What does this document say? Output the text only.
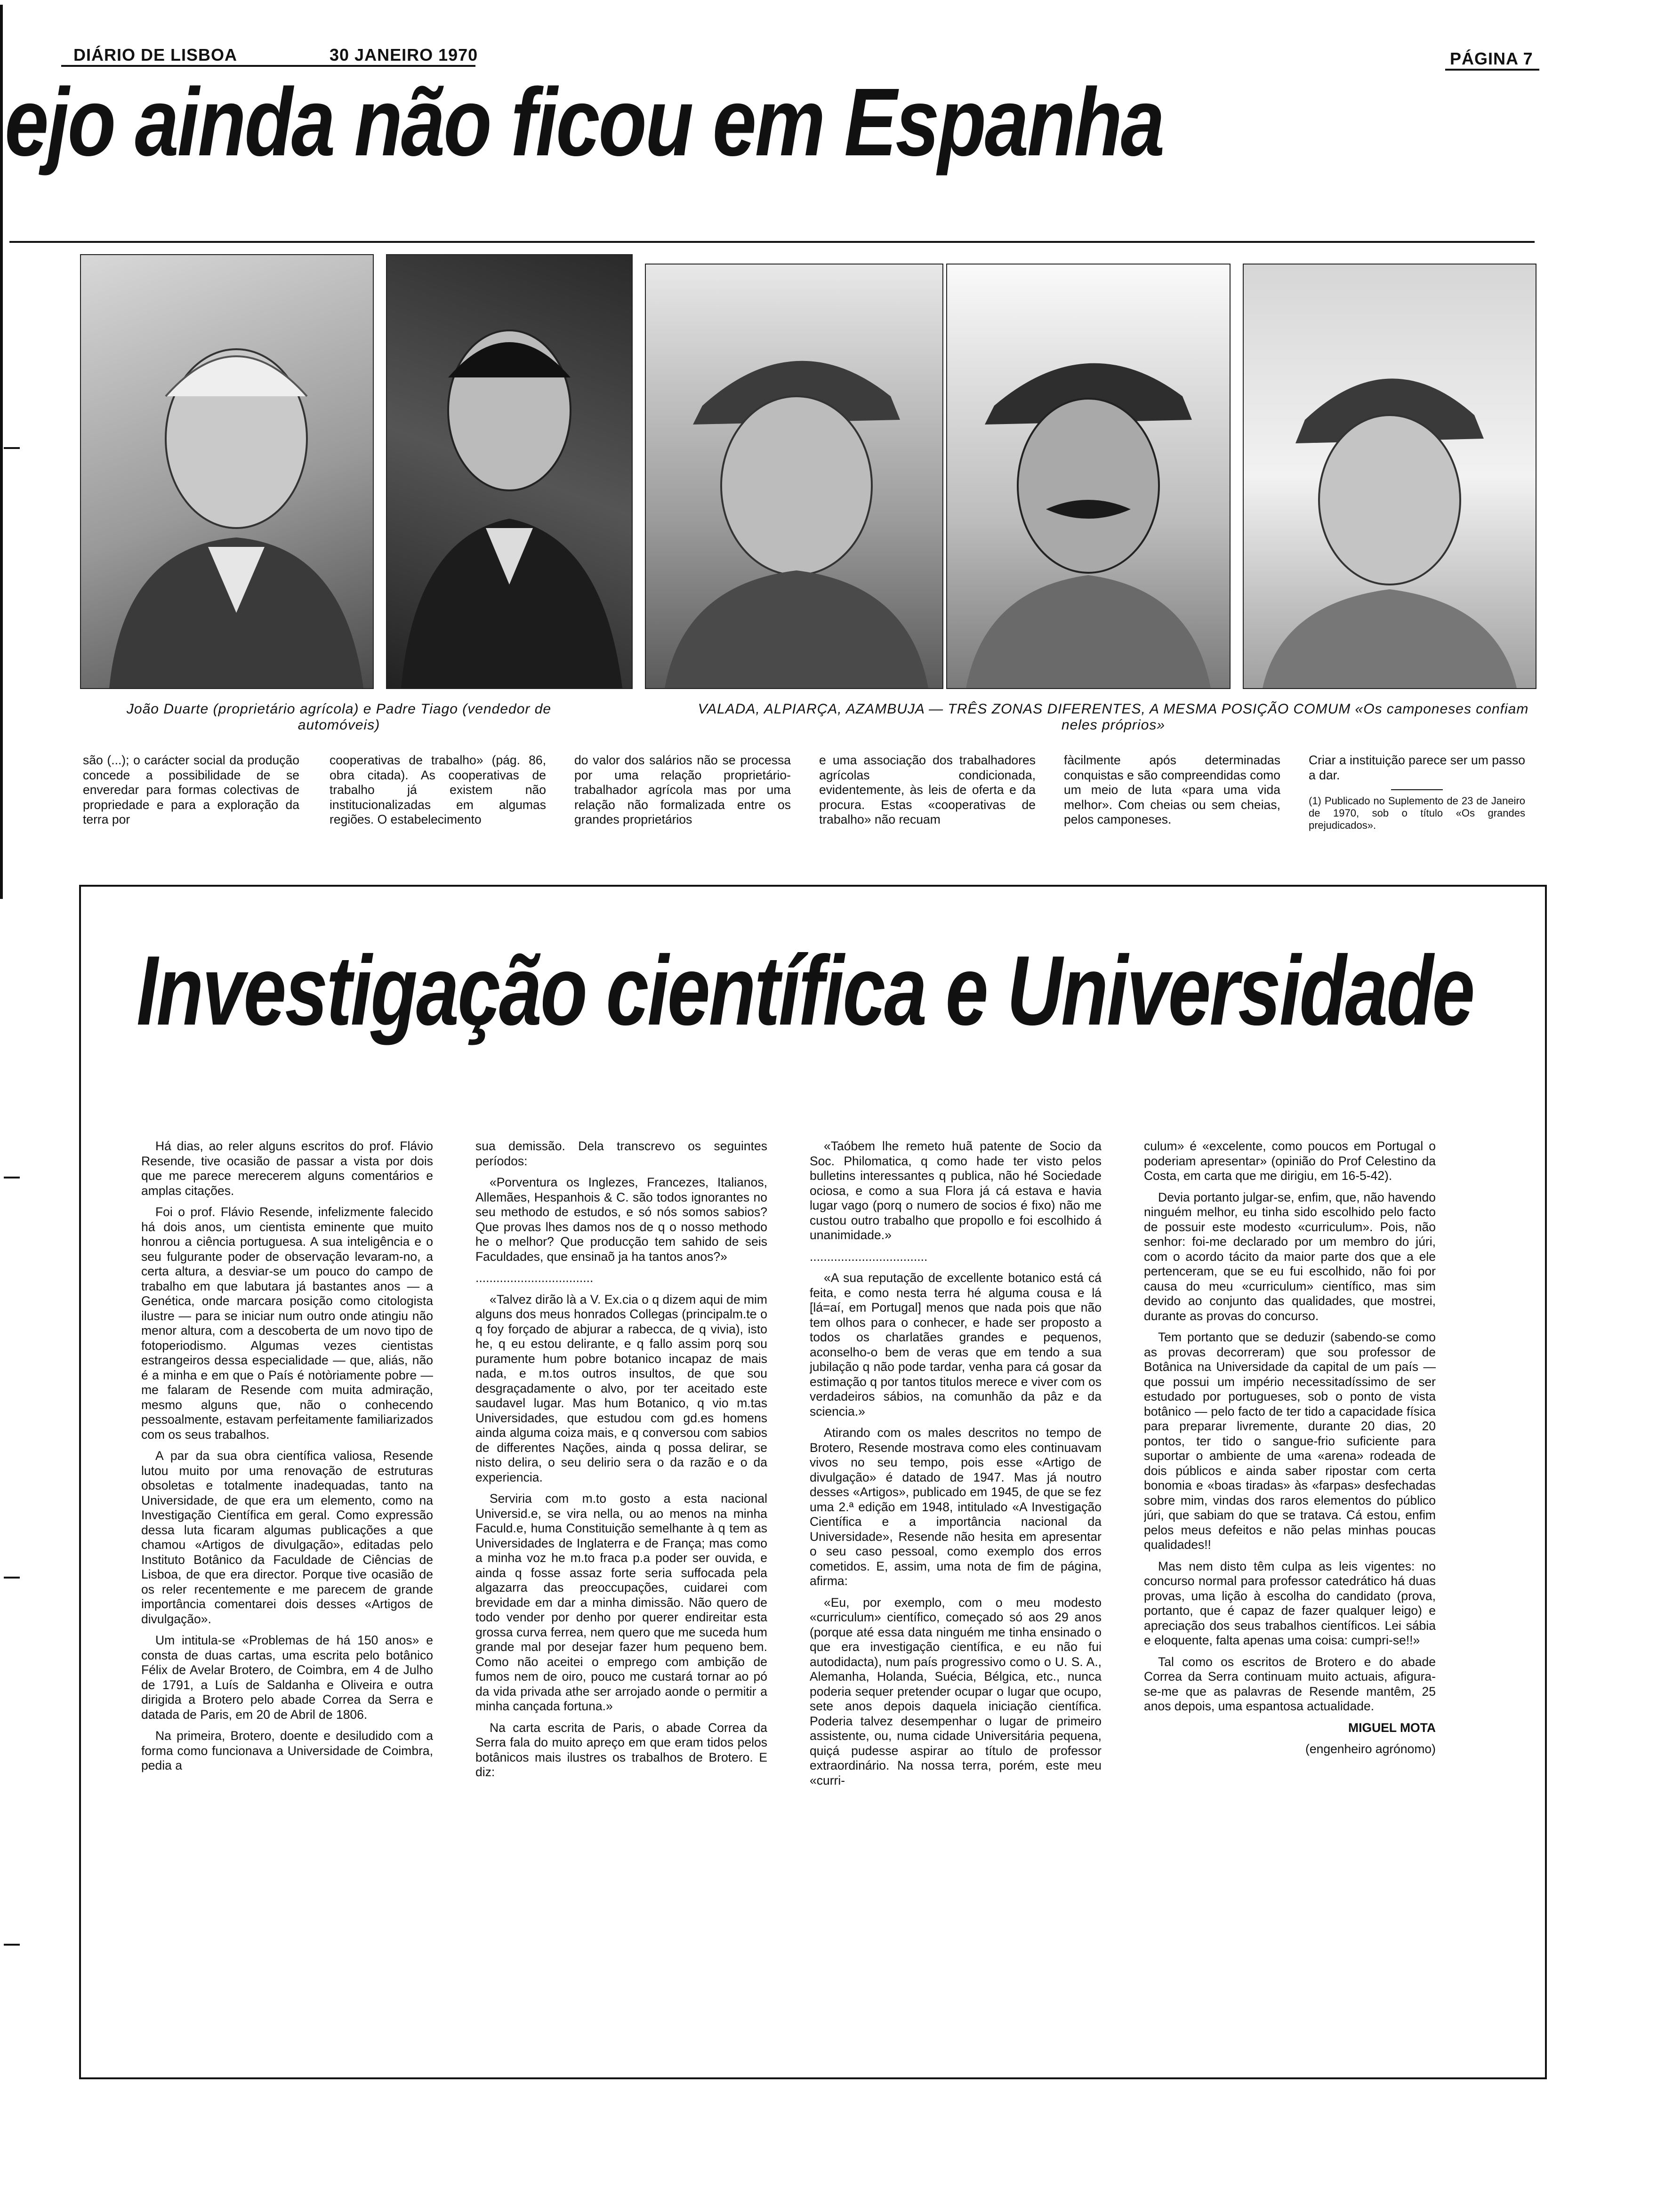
DIÁRIO DE LISBOA	30 JANEIRO 1970	PÁGINA 7
ejo ainda não ficou em Espanha
João Duarte (proprietário agrícola) e Padre Tiago (vendedor de automóveis)
VALADA, ALPIARÇA, AZAMBUJA — TRÊS ZONAS DIFERENTES, A MESMA POSIÇÃO COMUM «Os camponeses confiam neles próprios»

são (...); o carácter social da produção concede a possibilidade de se enveredar para formas colectivas de propriedade e para a exploração da terra por

cooperativas de trabalho» (pág. 86, obra citada). As cooperativas de trabalho já existem não institucionalizadas em algumas regiões. O estabelecimento

do valor dos salários não se processa por uma relação proprietário-trabalhador agrícola mas por uma relação não formalizada entre os grandes proprietários

e uma associação dos trabalhadores agrícolas condicionada, evidentemente, às leis de oferta e da procura. Estas «cooperativas de trabalho» não recuam

fàcilmente após determinadas conquistas e são compreendidas como um meio de luta «para uma vida melhor». Com cheias ou sem cheias, pelos camponeses.

Criar a instituição parece ser um passo a dar.

(1) Publicado no Suplemento de 23 de Janeiro de 1970, sob o título «Os grandes prejudicados».

Investigação científica e Universidade

Há dias, ao reler alguns escritos do prof. Flávio Resende, tive ocasião de passar a vista por dois que me parece merecerem alguns comentários e amplas citações.

Foi o prof. Flávio Resende, infelizmente falecido há dois anos, um cientista eminente que muito honrou a ciência portuguesa. A sua inteligência e o seu fulgurante poder de observação levaram-no, a certa altura, a desviar-se um pouco do campo de trabalho em que labutara já bastantes anos — a Genética, onde marcara posição como citologista ilustre — para se iniciar num outro onde atingiu não menor altura, com a descoberta de um novo tipo de fotoperiodismo. Algumas vezes cientistas estrangeiros dessa especialidade — que, aliás, não é a minha e em que o País é notòriamente pobre — me falaram de Resende com muita admiração, mesmo alguns que, não o conhecendo pessoalmente, estavam perfeitamente familiarizados com os seus trabalhos.

A par da sua obra científica valiosa, Resende lutou muito por uma renovação de estruturas obsoletas e totalmente inadequadas, tanto na Universidade, de que era um elemento, como na Investigação Científica em geral. Como expressão dessa luta ficaram algumas publicações a que chamou «Artigos de divulgação», editadas pelo Instituto Botânico da Faculdade de Ciências de Lisboa, de que era director. Porque tive ocasião de os reler recentemente e me parecem de grande importância comentarei dois desses «Artigos de divulgação».

Um intitula-se «Problemas de há 150 anos» e consta de duas cartas, uma escrita pelo botânico Félix de Avelar Brotero, de Coimbra, em 4 de Julho de 1791, a Luís de Saldanha e Oliveira e outra dirigida a Brotero pelo abade Correa da Serra e datada de Paris, em 20 de Abril de 1806.

Na primeira, Brotero, doente e desiludido com a forma como funcionava a Universidade de Coimbra, pedia a

sua demissão. Dela transcrevo os seguintes períodos:

«Porventura os Inglezes, Francezes, Italianos, Allemães, Hespanhois & C. são todos ignorantes no seu methodo de estudos, e só nós somos sabios? Que provas lhes damos nos de q o nosso methodo he o melhor? Que producção tem sahido de seis Faculdades, que ensinaõ ja ha tantos anos?»

..................................

«Talvez dirão là a V. Ex.cia o q dizem aqui de mim alguns dos meus honrados Collegas (principalm.te o q foy forçado de abjurar a rabecca, de q vivia), isto he, q eu estou delirante, e q fallo assim porq sou puramente hum pobre botanico incapaz de mais nada, e m.tos outros insultos, de que sou desgraçadamente o alvo, por ter aceitado este saudavel lugar. Mas hum Botanico, q vio m.tas Universidades, que estudou com gd.es homens ainda alguma coiza mais, e q conversou com sabios de differentes Nações, ainda q possa delirar, se nisto delira, o seu delirio sera o da razão e o da experiencia.

Serviria com m.to gosto a esta nacional Universid.e, se vira nella, ou ao menos na minha Faculd.e, huma Constituição semelhante à q tem as Universidades de Inglaterra e de França; mas como a minha voz he m.to fraca p.a poder ser ouvida, e ainda q fosse assaz forte seria suffocada pela algazarra das preoccupações, cuidarei com brevidade em dar a minha dimissão. Não quero de todo vender por denho por querer endireitar esta grossa curva ferrea, nem quero que me suceda hum grande mal por desejar fazer hum pequeno bem. Como não aceitei o emprego com ambição de fumos nem de oiro, pouco me custará tornar ao pó da vida privada athe ser arrojado aonde o permitir a minha cançada fortuna.»

Na carta escrita de Paris, o abade Correa da Serra fala do muito apreço em que eram tidos pelos botânicos mais ilustres os trabalhos de Brotero. E diz:

«Taóbem lhe remeto huã patente de Socio da Soc. Philomatica, q como hade ter visto pelos bulletins interessantes q publica, não hé Sociedade ociosa, e como a sua Flora já cá estava e havia lugar vago (porq o numero de socios é fixo) não me custou outro trabalho que propollo e foi escolhido á unanimidade.»

..................................

«A sua reputação de excellente botanico está cá feita, e como nesta terra hé alguma cousa e lá [lá=aí, em Portugal] menos que nada pois que não tem olhos para o conhecer, e hade ser proposto a todos os charlatães grandes e pequenos, aconselho-o bem de veras que em tendo a sua jubilação q não pode tardar, venha para cá gosar da estimação q por tantos titulos merece e viver com os verdadeiros sábios, na comunhão da pâz e da sciencia.»

Atirando com os males descritos no tempo de Brotero, Resende mostrava como eles continuavam vivos no seu tempo, pois esse «Artigo de divulgação» é datado de 1947. Mas já noutro desses «Artigos», publicado em 1945, de que se fez uma 2.ª edição em 1948, intitulado «A Investigação Científica e a importância nacional da Universidade», Resende não hesita em apresentar o seu caso pessoal, como exemplo dos erros cometidos. E, assim, uma nota de fim de página, afirma:

«Eu, por exemplo, com o meu modesto «curriculum» científico, começado só aos 29 anos (porque até essa data ninguém me tinha ensinado o que era investigação científica, e eu não fui autodidacta), num país progressivo como o U. S. A., Alemanha, Holanda, Suécia, Bélgica, etc., nunca poderia sequer pretender ocupar o lugar que ocupo, sete anos depois daquela iniciação científica. Poderia talvez desempenhar o lugar de primeiro assistente, ou, numa cidade Universitária pequena, quiçá pudesse aspirar ao título de professor extraordinário. Na nossa terra, porém, este meu «curri-

culum» é «excelente, como poucos em Portugal o poderiam apresentar» (opinião do Prof Celestino da Costa, em carta que me dirigiu, em 16-5-42).

Devia portanto julgar-se, enfim, que, não havendo ninguém melhor, eu tinha sido escolhido pelo facto de possuir este modesto «curriculum». Pois, não senhor: foi-me declarado por um membro do júri, com o acordo tácito da maior parte dos que a ele pertenceram, que se eu fui escolhido, não foi por causa do meu «curriculum» científico, mas sim devido ao conjunto das qualidades, que mostrei, durante as provas do concurso.

Tem portanto que se deduzir (sabendo-se como as provas decorreram) que sou professor de Botânica na Universidade da capital de um país — que possui um império necessitadíssimo de ser estudado por portugueses, sob o ponto de vista botânico — pelo facto de ter tido a capacidade física para preparar livremente, durante 20 dias, 20 pontos, ter tido o sangue-frio suficiente para suportar o ambiente de uma «arena» rodeada de dois públicos e ainda saber ripostar com certa bonomia e «boas tiradas» às «farpas» desfechadas sobre mim, vindas dos raros elementos do público júri, que sabiam do que se tratava. Cá estou, enfim pelos meus defeitos e não pelas minhas poucas qualidades!!

Mas nem disto têm culpa as leis vigentes: no concurso normal para professor catedrático há duas provas, uma lição à escolha do candidato (prova, portanto, que é capaz de fazer qualquer leigo) e apreciação dos seus trabalhos científicos. Lei sábia e eloquente, falta apenas uma coisa: cumpri-se!!»

Tal como os escritos de Brotero e do abade Correa da Serra continuam muito actuais, afigura-se-me que as palavras de Resende mantêm, 25 anos depois, uma espantosa actualidade.

MIGUEL MOTA

(engenheiro agrónomo)
